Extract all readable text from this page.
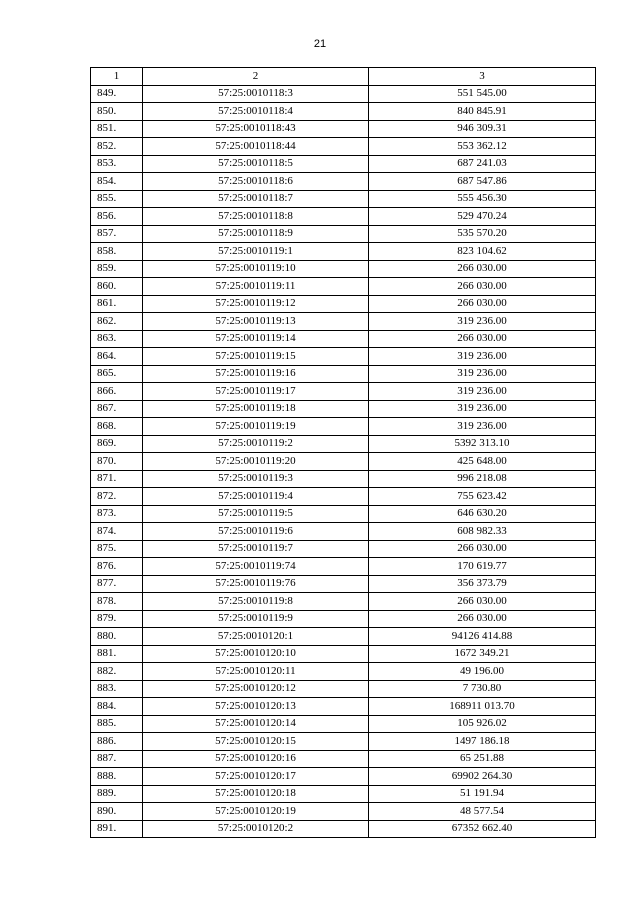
21
1	2	3
849.	57:25:0010118:3	551 545.00
850.	57:25:0010118:4	840 845.91
851.	57:25:0010118:43	946 309.31
852.	57:25:0010118:44	553 362.12
853.	57:25:0010118:5	687 241.03
854.	57:25:0010118:6	687 547.86
855.	57:25:0010118:7	555 456.30
856.	57:25:0010118:8	529 470.24
857.	57:25:0010118:9	535 570.20
858.	57:25:0010119:1	823 104.62
859.	57:25:0010119:10	266 030.00
860.	57:25:0010119:11	266 030.00
861.	57:25:0010119:12	266 030.00
862.	57:25:0010119:13	319 236.00
863.	57:25:0010119:14	266 030.00
864.	57:25:0010119:15	319 236.00
865.	57:25:0010119:16	319 236.00
866.	57:25:0010119:17	319 236.00
867.	57:25:0010119:18	319 236.00
868.	57:25:0010119:19	319 236.00
869.	57:25:0010119:2	5392 313.10
870.	57:25:0010119:20	425 648.00
871.	57:25:0010119:3	996 218.08
872.	57:25:0010119:4	755 623.42
873.	57:25:0010119:5	646 630.20
874.	57:25:0010119:6	608 982.33
875.	57:25:0010119:7	266 030.00
876.	57:25:0010119:74	170 619.77
877.	57:25:0010119:76	356 373.79
878.	57:25:0010119:8	266 030.00
879.	57:25:0010119:9	266 030.00
880.	57:25:0010120:1	94126 414.88
881.	57:25:0010120:10	1672 349.21
882.	57:25:0010120:11	49 196.00
883.	57:25:0010120:12	7 730.80
884.	57:25:0010120:13	168911 013.70
885.	57:25:0010120:14	105 926.02
886.	57:25:0010120:15	1497 186.18
887.	57:25:0010120:16	65 251.88
888.	57:25:0010120:17	69902 264.30
889.	57:25:0010120:18	51 191.94
890.	57:25:0010120:19	48 577.54
891.	57:25:0010120:2	67352 662.40
